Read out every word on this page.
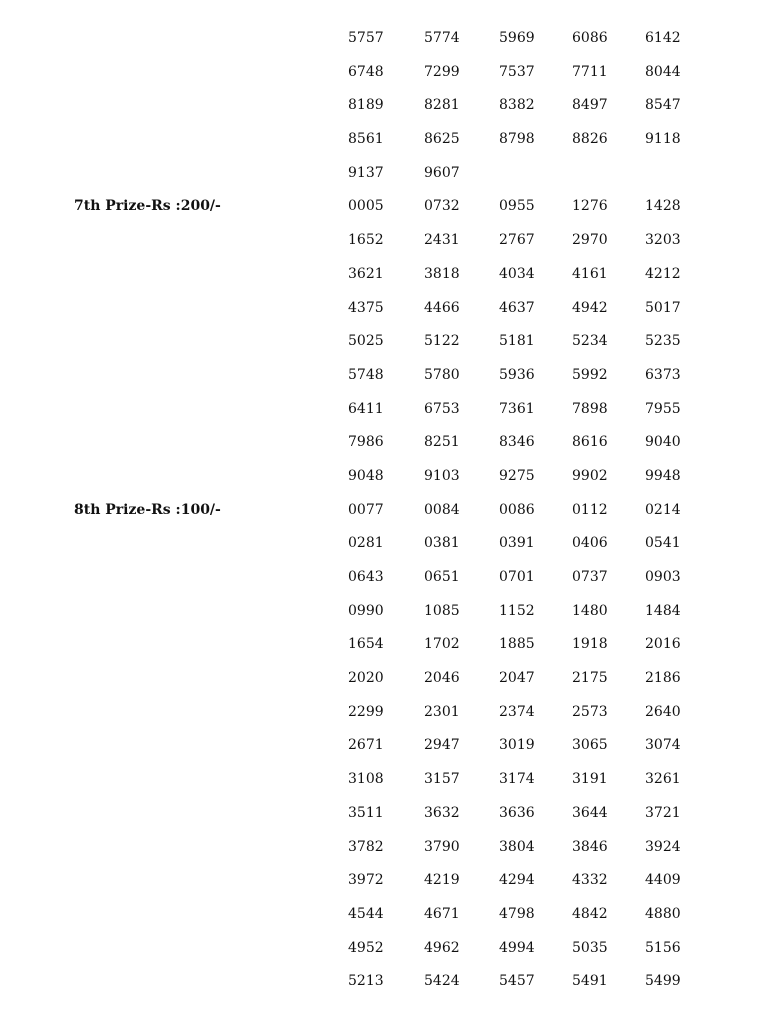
5757	5774	5969	6086	6142
6748	7299	7537	7711	8044
8189	8281	8382	8497	8547
8561	8625	8798	8826	9118
9137	9607
7th Prize-Rs :200/-	0005	0732	0955	1276	1428
1652	2431	2767	2970	3203
3621	3818	4034	4161	4212
4375	4466	4637	4942	5017
5025	5122	5181	5234	5235
5748	5780	5936	5992	6373
6411	6753	7361	7898	7955
7986	8251	8346	8616	9040
9048	9103	9275	9902	9948
8th Prize-Rs :100/-	0077	0084	0086	0112	0214
0281	0381	0391	0406	0541
0643	0651	0701	0737	0903
0990	1085	1152	1480	1484
1654	1702	1885	1918	2016
2020	2046	2047	2175	2186
2299	2301	2374	2573	2640
2671	2947	3019	3065	3074
3108	3157	3174	3191	3261
3511	3632	3636	3644	3721
3782	3790	3804	3846	3924
3972	4219	4294	4332	4409
4544	4671	4798	4842	4880
4952	4962	4994	5035	5156
5213	5424	5457	5491	5499
